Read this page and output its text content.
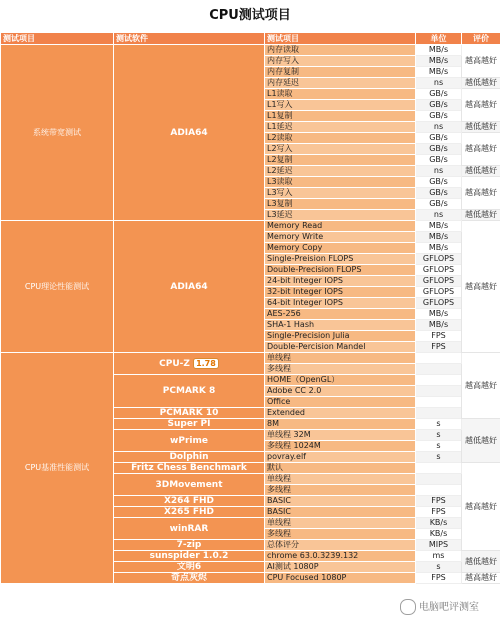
CPU测试项目
测试项目	测试软件	测试项目	单位	评价
系统带宽测试	ADIA64	内存读取	MB/s	越高越好
		内存写入	MB/s	
		内存复制	MB/s	
		内存延迟	ns	越低越好
		L1读取	GB/s	越高越好
		L1写入	GB/s	
		L1复制	GB/s	
		L1延迟	ns	越低越好
		L2读取	GB/s	越高越好
		L2写入	GB/s	
		L2复制	GB/s	
		L2延迟	ns	越低越好
		L3读取	GB/s	越高越好
		L3写入	GB/s	
		L3复制	GB/s	
		L3延迟	ns	越低越好
CPU理论性能测试	ADIA64	Memory Read	MB/s	越高越好
		Memory Write	MB/s	
		Memory Copy	MB/s	
		Single-Preision FLOPS	GFLOPS	
		Double-Precision FLOPS	GFLOPS	
		24-bit Integer IOPS	GFLOPS	
		32-bit Integer IOPS	GFLOPS	
		64-bit Integer IOPS	GFLOPS	
		AES-256	MB/s	
		SHA-1 Hash	MB/s	
		Single-Precision Julia	FPS	
		Double-Percision Mandel	FPS	
CPU基准性能测试	CPU-Z 1.78	单线程		越高越好
		多线程		
	PCMARK 8	HOME（OpenGL）		
		Adobe CC 2.0		
		Office		
	PCMARK 10	Extended		
	Super PI	8M	s	越低越好
	wPrime	单线程 32M	s	
		多线程 1024M	s	
	Dolphin	povray.elf	s	
	Fritz Chess Benchmark	默认		越高越好
	3DMovement	单线程		
		多线程		
	X264 FHD	BASIC	FPS	
	X265 FHD	BASIC	FPS	
	winRAR	单线程	KB/s	
		多线程	KB/s	
	7-zip	总体评分	MIPS	
	sunspider 1.0.2	chrome 63.0.3239.132	ms	越低越好
	文明6	AI测试 1080P	s	
	奇点灰烬	CPU Focused 1080P	FPS	越高越好
电脑吧评测室
